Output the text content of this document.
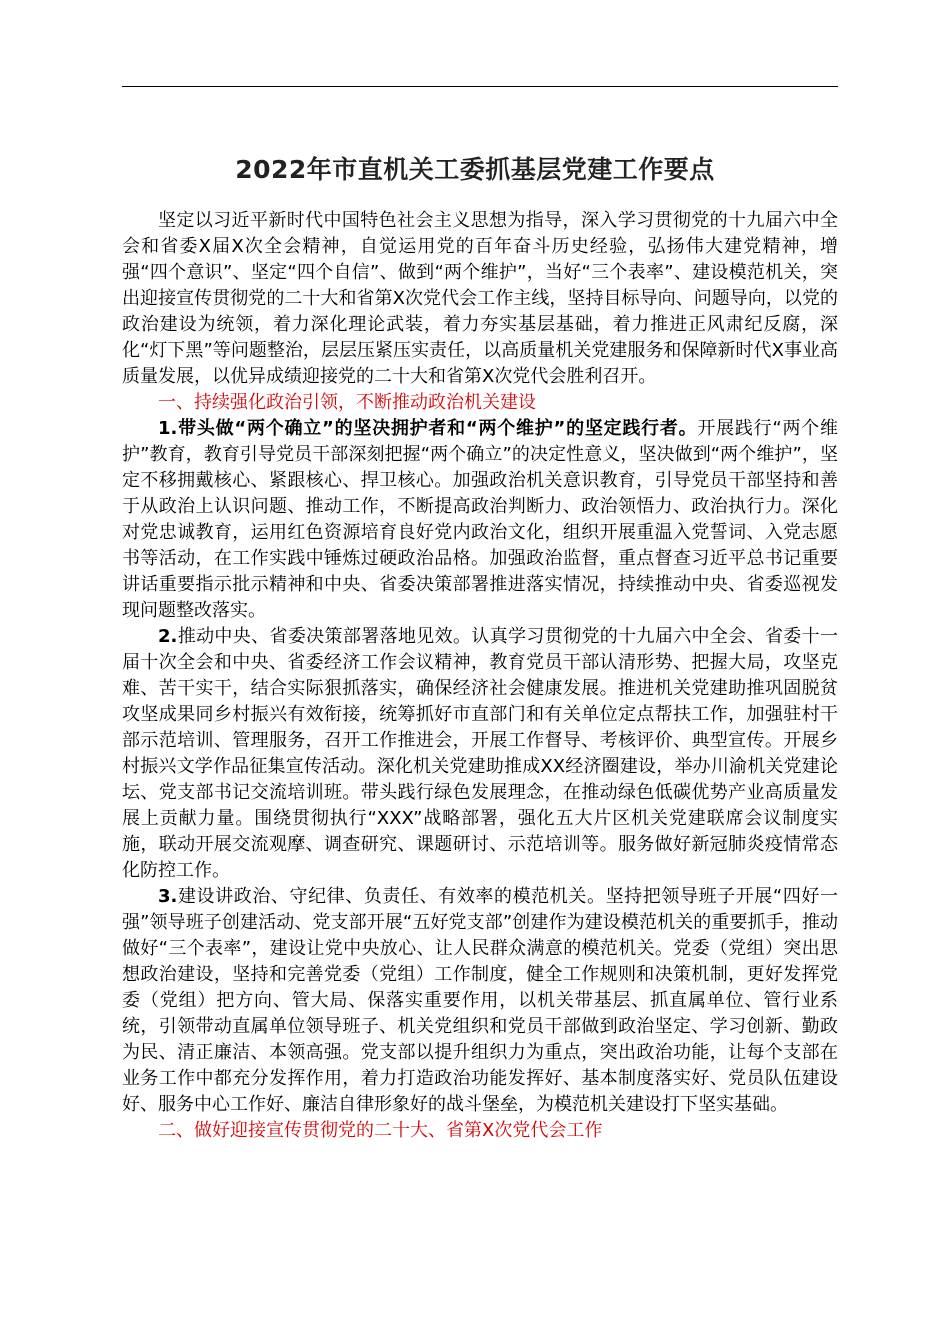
2022年市直机关工委抓基层党建工作要点

坚定以习近平新时代中国特色社会主义思想为指导，深入学习贯彻党的十九届六中全会和省委X届X次全会精神，自觉运用党的百年奋斗历史经验，弘扬伟大建党精神，增强“四个意识”、坚定“四个自信”、做到“两个维护”，当好“三个表率”、建设模范机关，突出迎接宣传贯彻党的二十大和省第X次党代会工作主线，坚持目标导向、问题导向，以党的政治建设为统领，着力深化理论武装，着力夯实基层基础，着力推进正风肃纪反腐，深化“灯下黑”等问题整治，层层压紧压实责任，以高质量机关党建服务和保障新时代X事业高质量发展，以优异成绩迎接党的二十大和省第X次党代会胜利召开。

一、持续强化政治引领，不断推动政治机关建设

1.带头做“两个确立”的坚决拥护者和“两个维护”的坚定践行者。开展践行“两个维护”教育，教育引导党员干部深刻把握“两个确立”的决定性意义，坚决做到“两个维护”，坚定不移拥戴核心、紧跟核心、捍卫核心。加强政治机关意识教育，引导党员干部坚持和善于从政治上认识问题、推动工作，不断提高政治判断力、政治领悟力、政治执行力。深化对党忠诚教育，运用红色资源培育良好党内政治文化，组织开展重温入党誓词、入党志愿书等活动，在工作实践中锤炼过硬政治品格。加强政治监督，重点督查习近平总书记重要讲话重要指示批示精神和中央、省委决策部署推进落实情况，持续推动中央、省委巡视发现问题整改落实。

2.推动中央、省委决策部署落地见效。认真学习贯彻党的十九届六中全会、省委十一届十次全会和中央、省委经济工作会议精神，教育党员干部认清形势、把握大局，攻坚克难、苦干实干，结合实际狠抓落实，确保经济社会健康发展。推进机关党建助推巩固脱贫攻坚成果同乡村振兴有效衔接，统筹抓好市直部门和有关单位定点帮扶工作，加强驻村干部示范培训、管理服务，召开工作推进会，开展工作督导、考核评价、典型宣传。开展乡村振兴文学作品征集宣传活动。深化机关党建助推成XX经济圈建设，举办川渝机关党建论坛、党支部书记交流培训班。带头践行绿色发展理念，在推动绿色低碳优势产业高质量发展上贡献力量。围绕贯彻执行“XXX”战略部署，强化五大片区机关党建联席会议制度实施，联动开展交流观摩、调查研究、课题研讨、示范培训等。服务做好新冠肺炎疫情常态化防控工作。

3.建设讲政治、守纪律、负责任、有效率的模范机关。坚持把领导班子开展“四好一强”领导班子创建活动、党支部开展“五好党支部”创建作为建设模范机关的重要抓手，推动做好“三个表率”，建设让党中央放心、让人民群众满意的模范机关。党委（党组）突出思想政治建设，坚持和完善党委（党组）工作制度，健全工作规则和决策机制，更好发挥党委（党组）把方向、管大局、保落实重要作用，以机关带基层、抓直属单位、管行业系统，引领带动直属单位领导班子、机关党组织和党员干部做到政治坚定、学习创新、勤政为民、清正廉洁、本领高强。党支部以提升组织力为重点，突出政治功能，让每个支部在业务工作中都充分发挥作用，着力打造政治功能发挥好、基本制度落实好、党员队伍建设好、服务中心工作好、廉洁自律形象好的战斗堡垒，为模范机关建设打下坚实基础。

二、做好迎接宣传贯彻党的二十大、省第X次党代会工作
